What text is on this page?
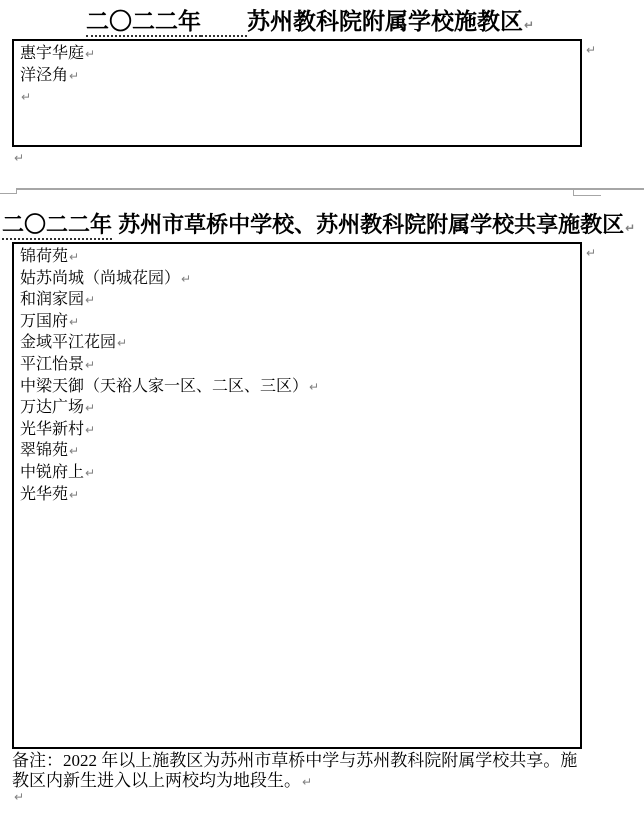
二〇二二年　　 苏州教科院附属学校施教区↵
惠宇华庭↵
洋泾角↵
↵
↵
↵
二〇二二年 苏州市草桥中学校、苏州教科院附属学校共享施教区↵
锦荷苑↵
姑苏尚城（尚城花园）↵
和润家园↵
万国府↵
金域平江花园↵
平江怡景↵
中梁天御（天裕人家一区、二区、三区）↵
万达广场↵
光华新村↵
翠锦苑↵
中锐府上↵
光华苑↵
↵

备注：2022 年以上施教区为苏州市草桥中学与苏州教科院附属学校共享。施教区内新生进入以上两校均为地段生。↵

↵
